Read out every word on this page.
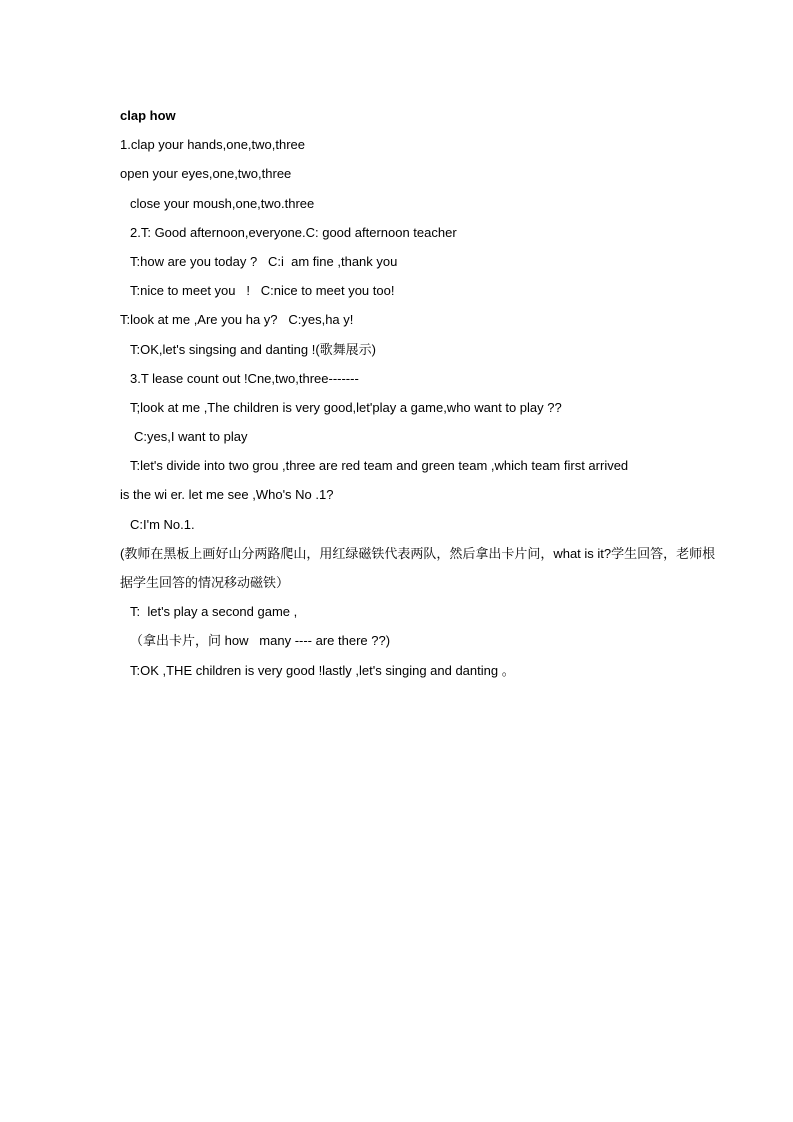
clap how
1.clap your hands,one,two,three
open your eyes,one,two,three
close your moush,one,two.three
2.T: Good afternoon,everyone.C: good afternoon teacher
T:how are you today ?   C:i  am fine ,thank you
T:nice to meet you   !   C:nice to meet you too!
T:look at me ,Are you ha y?   C:yes,ha y!
T:OK,let's singsing and danting !(歌舞展示)
3.T lease count out !Cne,two,three-------
T;look at me ,The children is very good,let'play a game,who want to play ??
C:yes,I want to play
T:let's divide into two grou ,three are red team and green team ,which team first arrived
is the wi er. let me see ,Who's No .1?
C:I'm No.1.
(教师在黑板上画好山分两路爬山，用红绿磁铁代表两队，然后拿出卡片问，what is it?学生回答，老师根
据学生回答的情况移动磁铁）
T:  let's play a second game ,
（拿出卡片，问 how   many ---- are there ??)
T:OK ,THE children is very good !lastly ,let's singing and danting 。
